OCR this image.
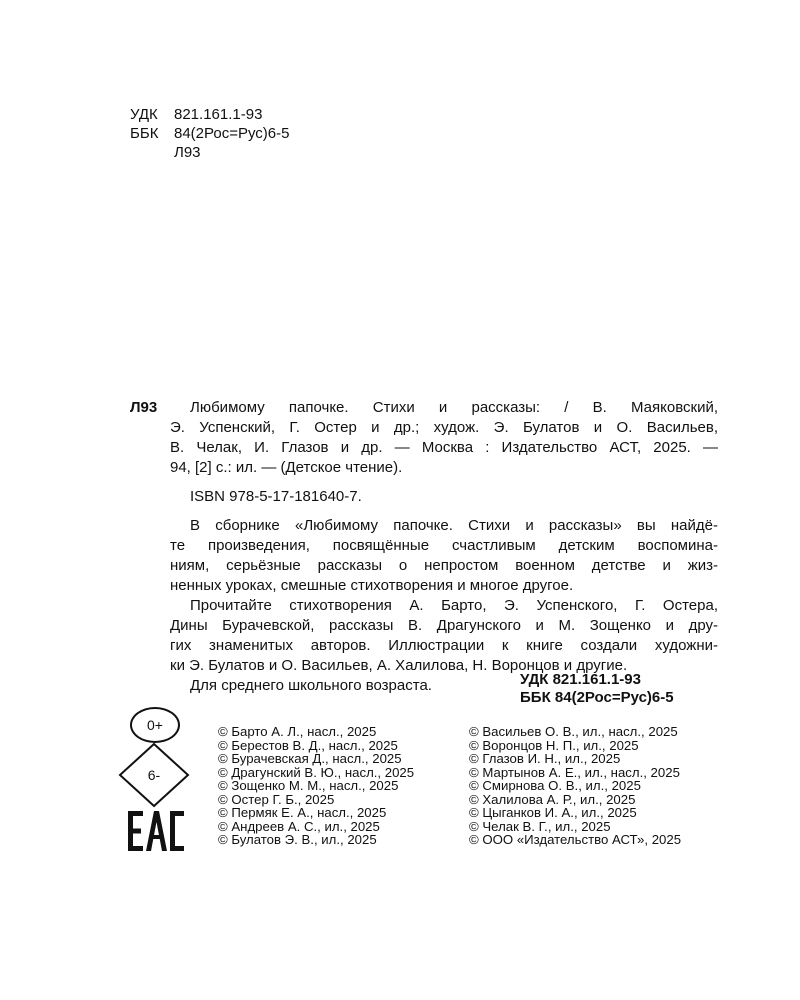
УДК 821.161.1-93
ББК 84(2Рос=Рус)6-5
Л93
Л93 Любимому папочке. Стихи и рассказы: / В. Маяковский,
Э. Успенский, Г. Остер и др.; худож. Э. Булатов и О. Васильев,
В. Челак, И. Глазов и др. — Москва : Издательство АСТ, 2025. —
94, [2] с.: ил. — (Детское чтение).
ISBN 978-5-17-181640-7.
В сборнике «Любимому папочке. Стихи и рассказы» вы найдё-
те произведения, посвящённые счастливым детским воспомина-
ниям, серьёзные рассказы о непростом военном детстве и жиз-
ненных уроках, смешные стихотворения и многое другое.
Прочитайте стихотворения А. Барто, Э. Успенского, Г. Остера,
Дины Бурачевской, рассказы В. Драгунского и М. Зощенко и дру-
гих знаменитых авторов. Иллюстрации к книге создали художни-
ки Э. Булатов и О. Васильев, А. Халилова, Н. Воронцов и другие.
Для среднего школьного возраста.	УДК 821.161.1-93
ББК 84(2Рос=Рус)6-5
0+
6-
© Барто А. Л., насл., 2025
© Берестов В. Д., насл., 2025
© Бурачевская Д., насл., 2025
© Драгунский В. Ю., насл., 2025
© Зощенко М. М., насл., 2025
© Остер Г. Б., 2025
© Пермяк Е. А., насл., 2025
© Андреев А. С., ил., 2025
© Булатов Э. В., ил., 2025
© Васильев О. В., ил., насл., 2025
© Воронцов Н. П., ил., 2025
© Глазов И. Н., ил., 2025
© Мартынов А. Е., ил., насл., 2025
© Смирнова О. В., ил., 2025
© Халилова А. Р., ил., 2025
© Цыганков И. А., ил., 2025
© Челак В. Г., ил., 2025
© ООО «Издательство АСТ», 2025
